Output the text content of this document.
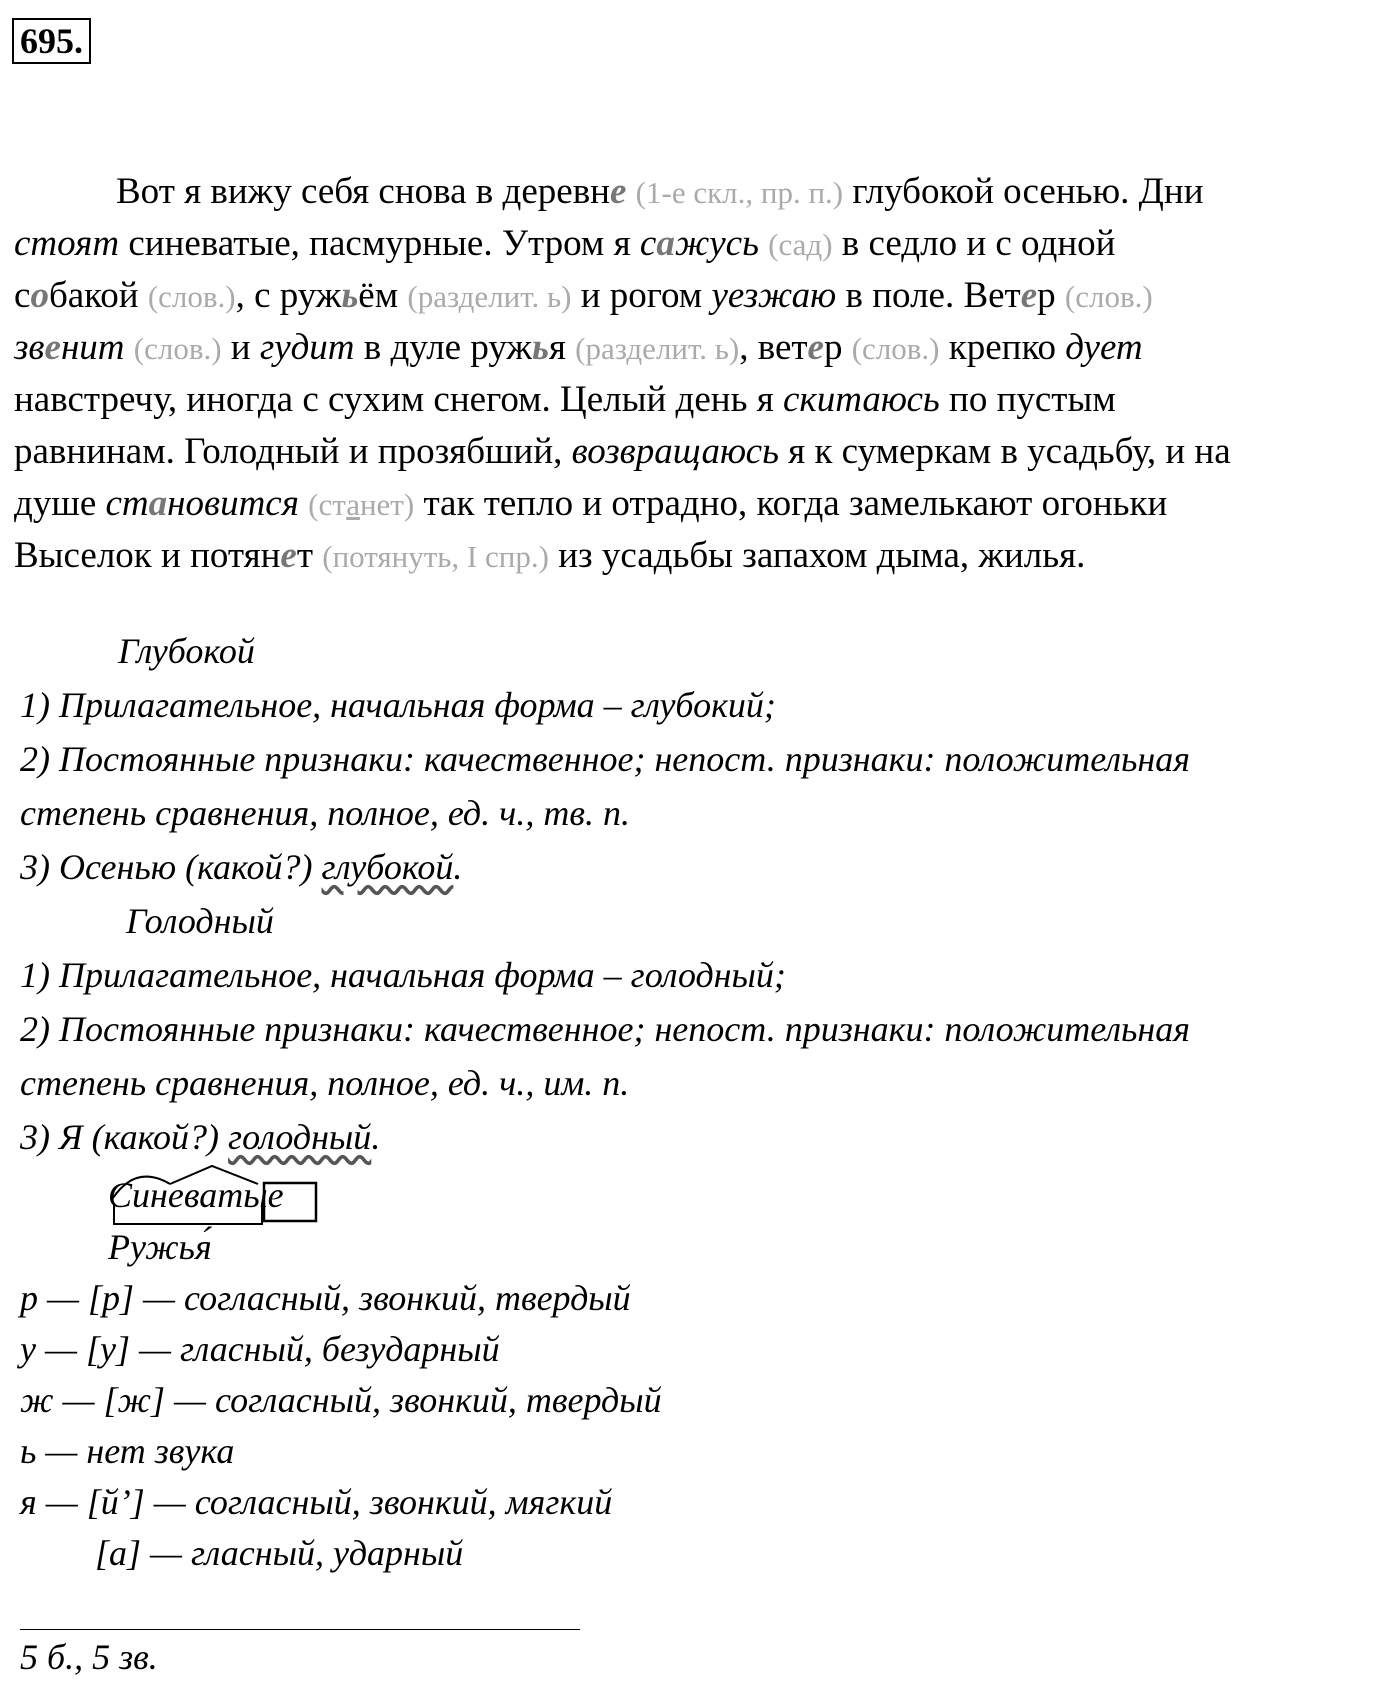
695.
Вот я вижу себя снова в деревне (1-е скл., пр. п.) глубокой осенью. Дни
стоят синеватые, пасмурные. Утром я сажусь (сад) в седло и с одной
собакой (слов.), с ружьём (разделит. ь) и рогом уезжаю в поле. Ветер (слов.)
звенит (слов.) и гудит в дуле ружья (разделит. ь), ветер (слов.) крепко дует
навстречу, иногда с сухим снегом. Целый день я скитаюсь по пустым
равнинам. Голодный и прозябший, возвращаюсь я к сумеркам в усадьбу, и на
душе становится (станет) так тепло и отрадно, когда замелькают огоньки
Выселок и потянет (потянуть, I спр.) из усадьбы запахом дыма, жилья.
Глубокой
1) Прилагательное, начальная форма – глубокий;
2) Постоянные признаки: качественное; непост. признаки: положительная
степень сравнения, полное, ед. ч., тв. п.
3) Осенью (какой?) глубокой.
Голодный
1) Прилагательное, начальная форма – голодный;
2) Постоянные признаки: качественное; непост. признаки: положительная
степень сравнения, полное, ед. ч., им. п.
3) Я (какой?) голодный.
Синеватые
Ружья́
р — [р] — согласный, звонкий, твердый
у — [у] — гласный, безударный
ж — [ж] — согласный, звонкий, твердый
ь — нет звука
я — [й’] — согласный, звонкий, мягкий
[а] — гласный, ударный
5 б., 5 зв.
